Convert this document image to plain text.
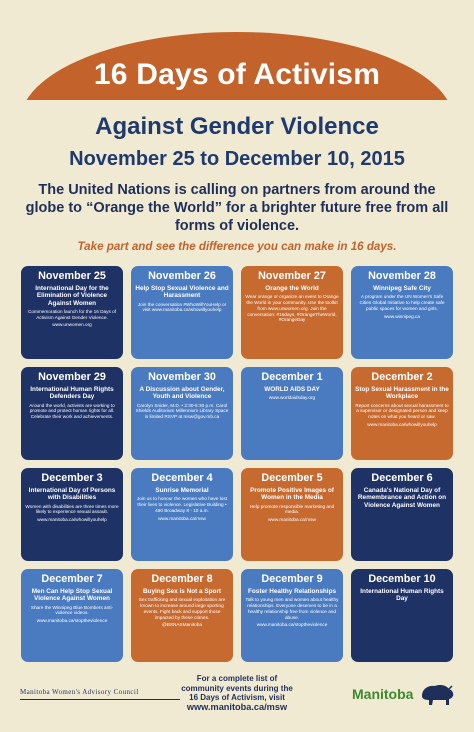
16 Days of Activism
Against Gender Violence
November 25 to December 10, 2015

The United Nations is calling on partners from around the globe to “Orange the World” for a brighter future free from all forms of violence.

Take part and see the difference you can make in 16 days.

November 25
International Day for the Elimination of Violence Against Women
Commemoration launch for the 16 Days of Activism Against Gender Violence.
www.unwomen.org
November 26
Help Stop Sexual Violence and Harassment
Join the conversation #WhoWillYouHelp or visit www.manitoba.ca/whowillyouhelp
November 27
Orange the World
Wear orange or organize an event to Orange the World in your community. Use the toolkit from www.unwomen.org. Join the conversation: #16days, #OrangeTheWorld, #OrangeDay
November 28
Winnipeg Safe City
A program under the UN Women's Safe Cities Global Initiative to help create safe public spaces for women and girls.
www.winnipeg.ca
November 29
International Human Rights Defenders Day
Around the world, activists are working to promote and protect human rights for all. Celebrate their work and achievements.
November 30
A Discussion about Gender, Youth and Violence
Carolyn Snider, M.D. • 2:30-5:30 p.m. Carol Shields Auditorium Millennium Library Space is limited RSVP at msw@gov.mb.ca
December 1
WORLD AIDS DAY
www.worldaidsday.org
December 2
Stop Sexual Harassment in the Workplace
Report concerns about sexual harassment to a supervisor or designated person and keep notes on what you heard or saw.
www.manitoba.ca/whowillyouhelp
December 3
International Day of Persons with Disabilities
Women with disabilities are three times more likely to experience sexual assault.
www.manitoba.ca/whowillyouhelp
December 4
Sunrise Memorial
Join us to honour the women who have lost their lives to violence. Legislative Building • 450 Broadway 8 - 10 a.m.
www.manitoba.ca/msw
December 5
Promote Positive Images of Women in the Media
Help promote responsible marketing and media.
www.manitoba.ca/msw
December 6
Canada's National Day of Remembrance and Action on Violence Against Women
December 7
Men Can Help Stop Sexual Violence Against Women
Share the Winnipeg Blue Bombers anti-violence videos.
www.manitoba.ca/stoptheviolence
December 8
Buying Sex is Not a Sport
Sex trafficking and sexual exploitation are known to increase around large sporting events. Fight back and support those impacted by these crimes.
@BSNASManitoba
December 9
Foster Healthy Relationships
Talk to young men and women about healthy relationships. Everyone deserves to be in a healthy relationship free from violence and abuse.
www.manitoba.ca/stoptheviolence
December 10
International Human Rights Day
Manitoba Women's Advisory Council
For a complete list of
community events during the
16 Days of Activism, visit
www.manitoba.ca/msw
Manitoba
